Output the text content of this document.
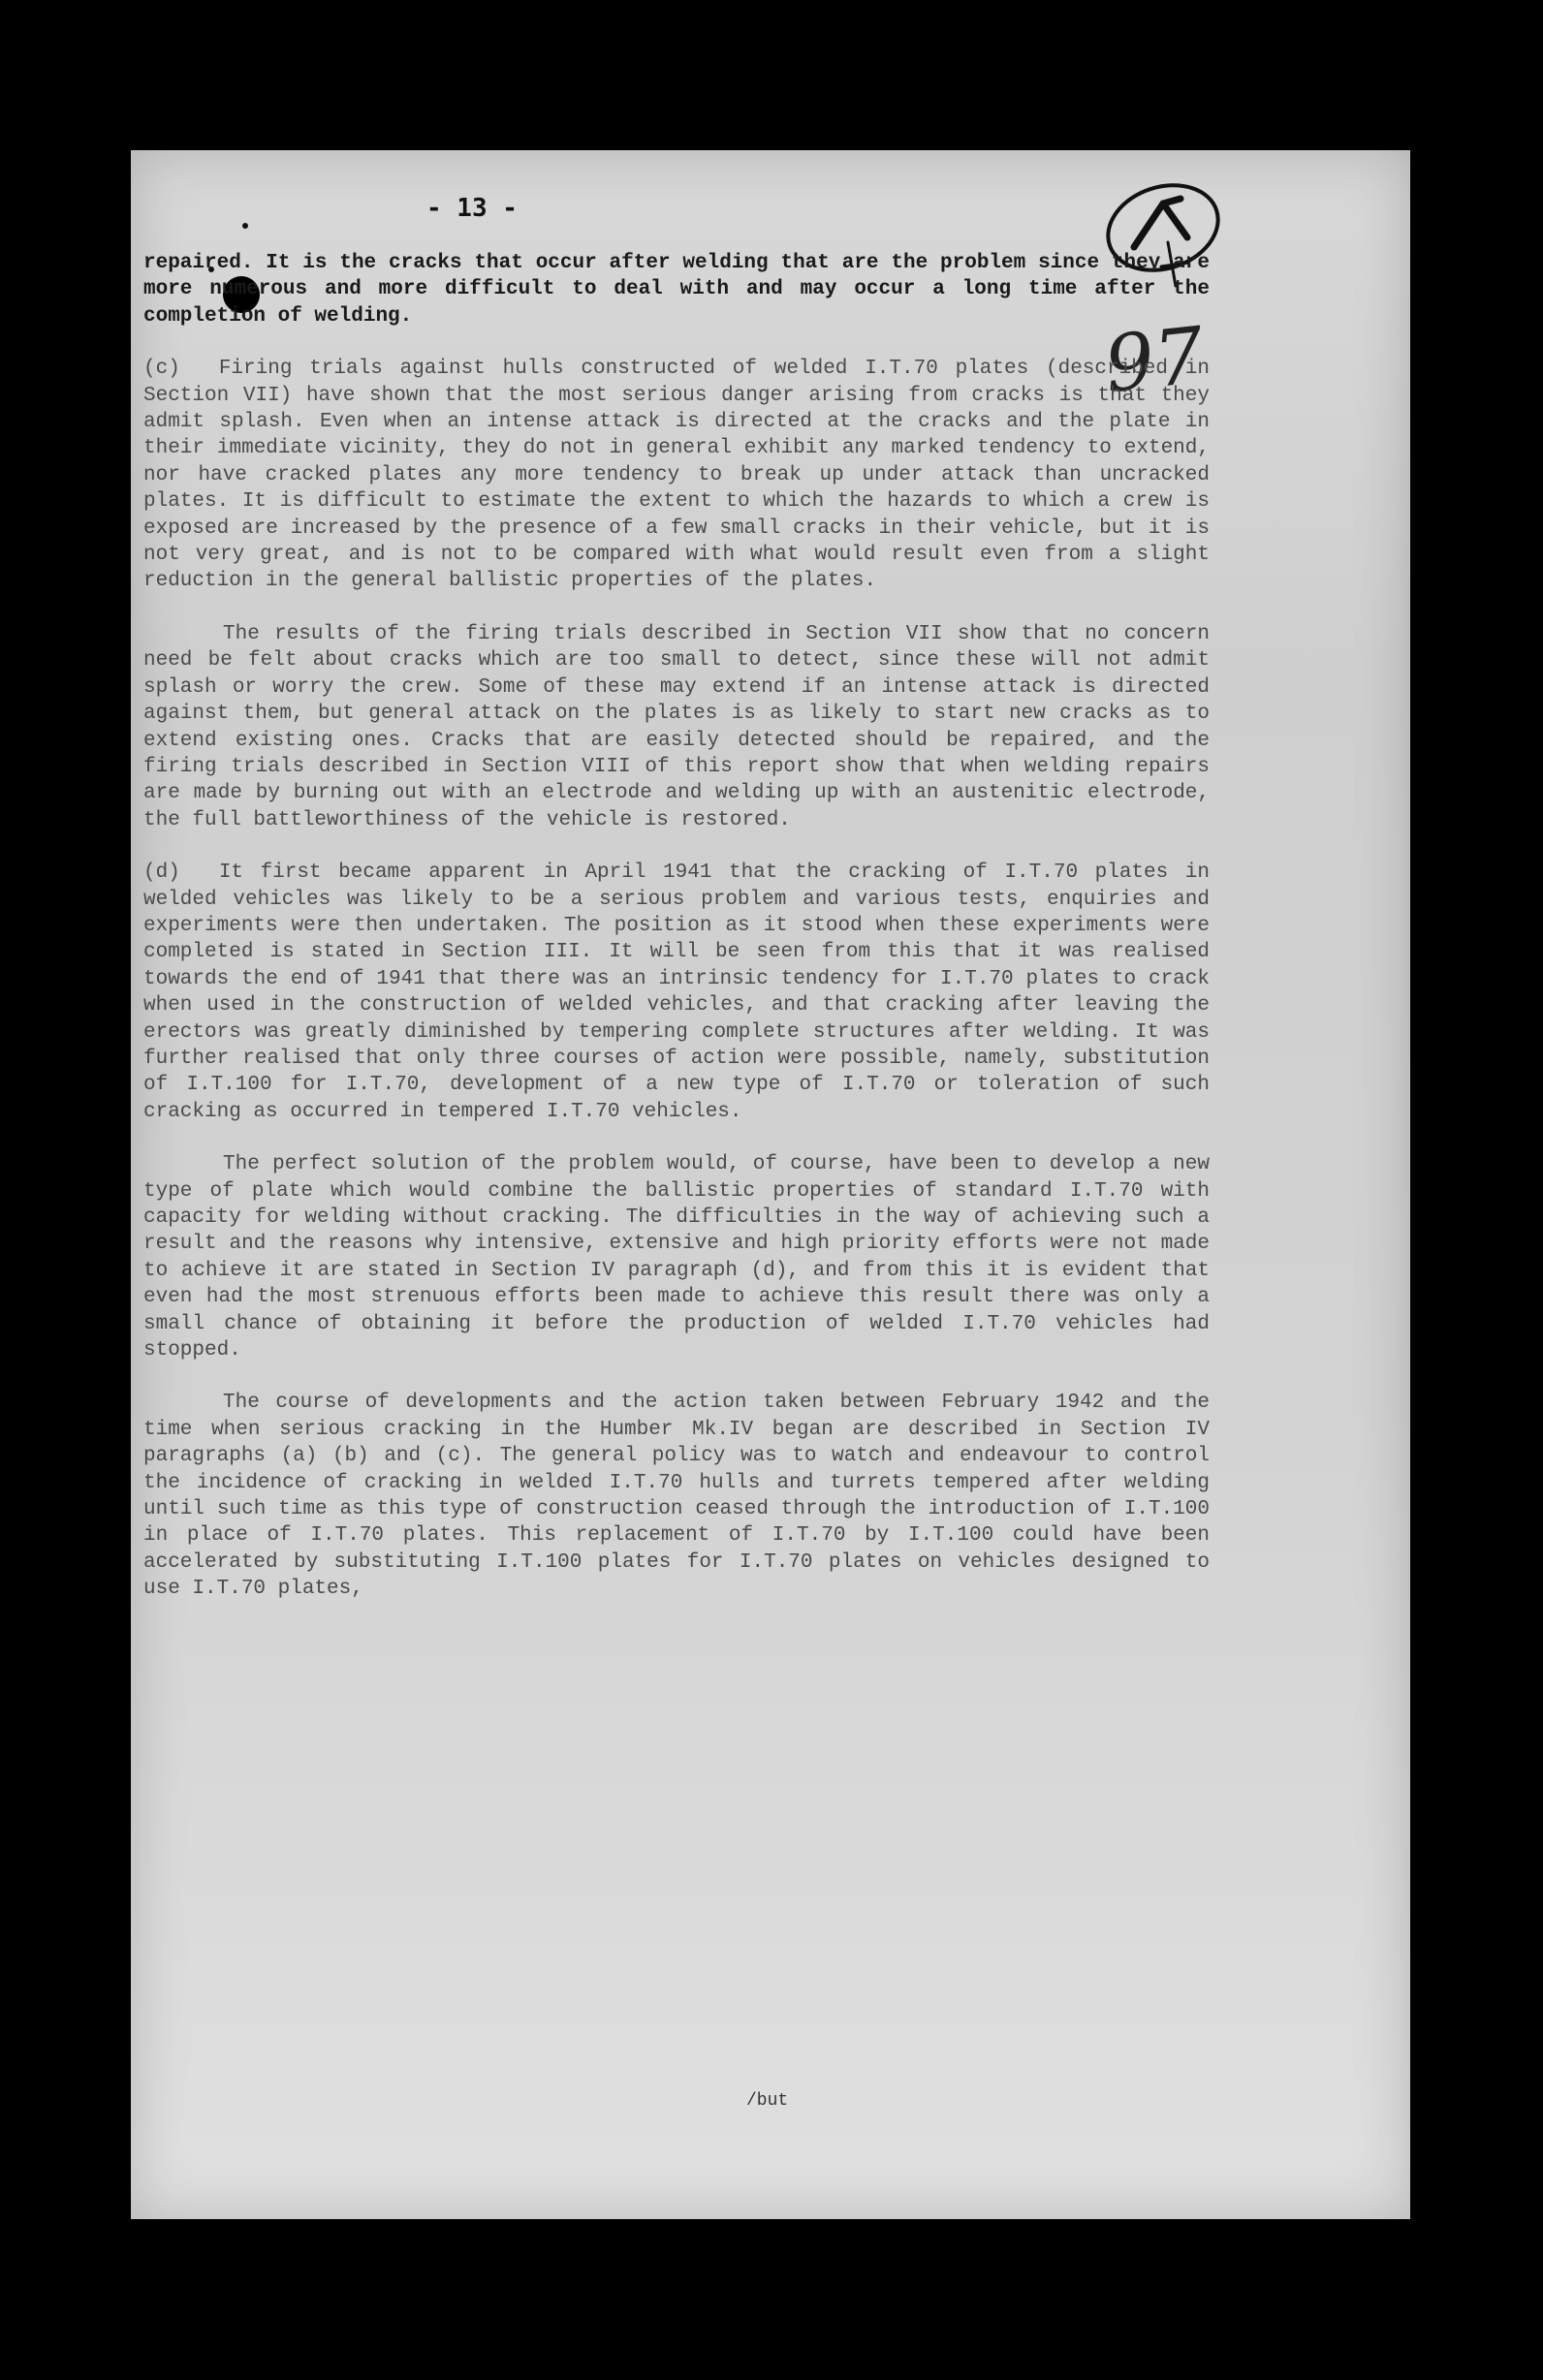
- 13 -
97

repaired. It is the cracks that occur after welding that are the problem since they are more numerous and more difficult to deal with and may occur a long time after the completion of welding.

(c) Firing trials against hulls constructed of welded I.T.70 plates (described in Section VII) have shown that the most serious danger arising from cracks is that they admit splash. Even when an intense attack is directed at the cracks and the plate in their immediate vicinity, they do not in general exhibit any marked tendency to extend, nor have cracked plates any more tendency to break up under attack than uncracked plates. It is difficult to estimate the extent to which the hazards to which a crew is exposed are increased by the presence of a few small cracks in their vehicle, but it is not very great, and is not to be compared with what would result even from a slight reduction in the general ballistic properties of the plates.

The results of the firing trials described in Section VII show that no concern need be felt about cracks which are too small to detect, since these will not admit splash or worry the crew. Some of these may extend if an intense attack is directed against them, but general attack on the plates is as likely to start new cracks as to extend existing ones. Cracks that are easily detected should be repaired, and the firing trials described in Section VIII of this report show that when welding repairs are made by burning out with an electrode and welding up with an austenitic electrode, the full battleworthiness of the vehicle is restored.

(d) It first became apparent in April 1941 that the cracking of I.T.70 plates in welded vehicles was likely to be a serious problem and various tests, enquiries and experiments were then undertaken. The position as it stood when these experiments were completed is stated in Section III. It will be seen from this that it was realised towards the end of 1941 that there was an intrinsic tendency for I.T.70 plates to crack when used in the construction of welded vehicles, and that cracking after leaving the erectors was greatly diminished by tempering complete structures after welding. It was further realised that only three courses of action were possible, namely, substitution of I.T.100 for I.T.70, development of a new type of I.T.70 or toleration of such cracking as occurred in tempered I.T.70 vehicles.

The perfect solution of the problem would, of course, have been to develop a new type of plate which would combine the ballistic properties of standard I.T.70 with capacity for welding without cracking. The difficulties in the way of achieving such a result and the reasons why intensive, extensive and high priority efforts were not made to achieve it are stated in Section IV paragraph (d), and from this it is evident that even had the most strenuous efforts been made to achieve this result there was only a small chance of obtaining it before the production of welded I.T.70 vehicles had stopped.

The course of developments and the action taken between February 1942 and the time when serious cracking in the Humber Mk.IV began are described in Section IV paragraphs (a) (b) and (c). The general policy was to watch and endeavour to control the incidence of cracking in welded I.T.70 hulls and turrets tempered after welding until such time as this type of construction ceased through the introduction of I.T.100 in place of I.T.70 plates. This replacement of I.T.70 by I.T.100 could have been accelerated by substituting I.T.100 plates for I.T.70 plates on vehicles designed to use I.T.70 plates,

/but
